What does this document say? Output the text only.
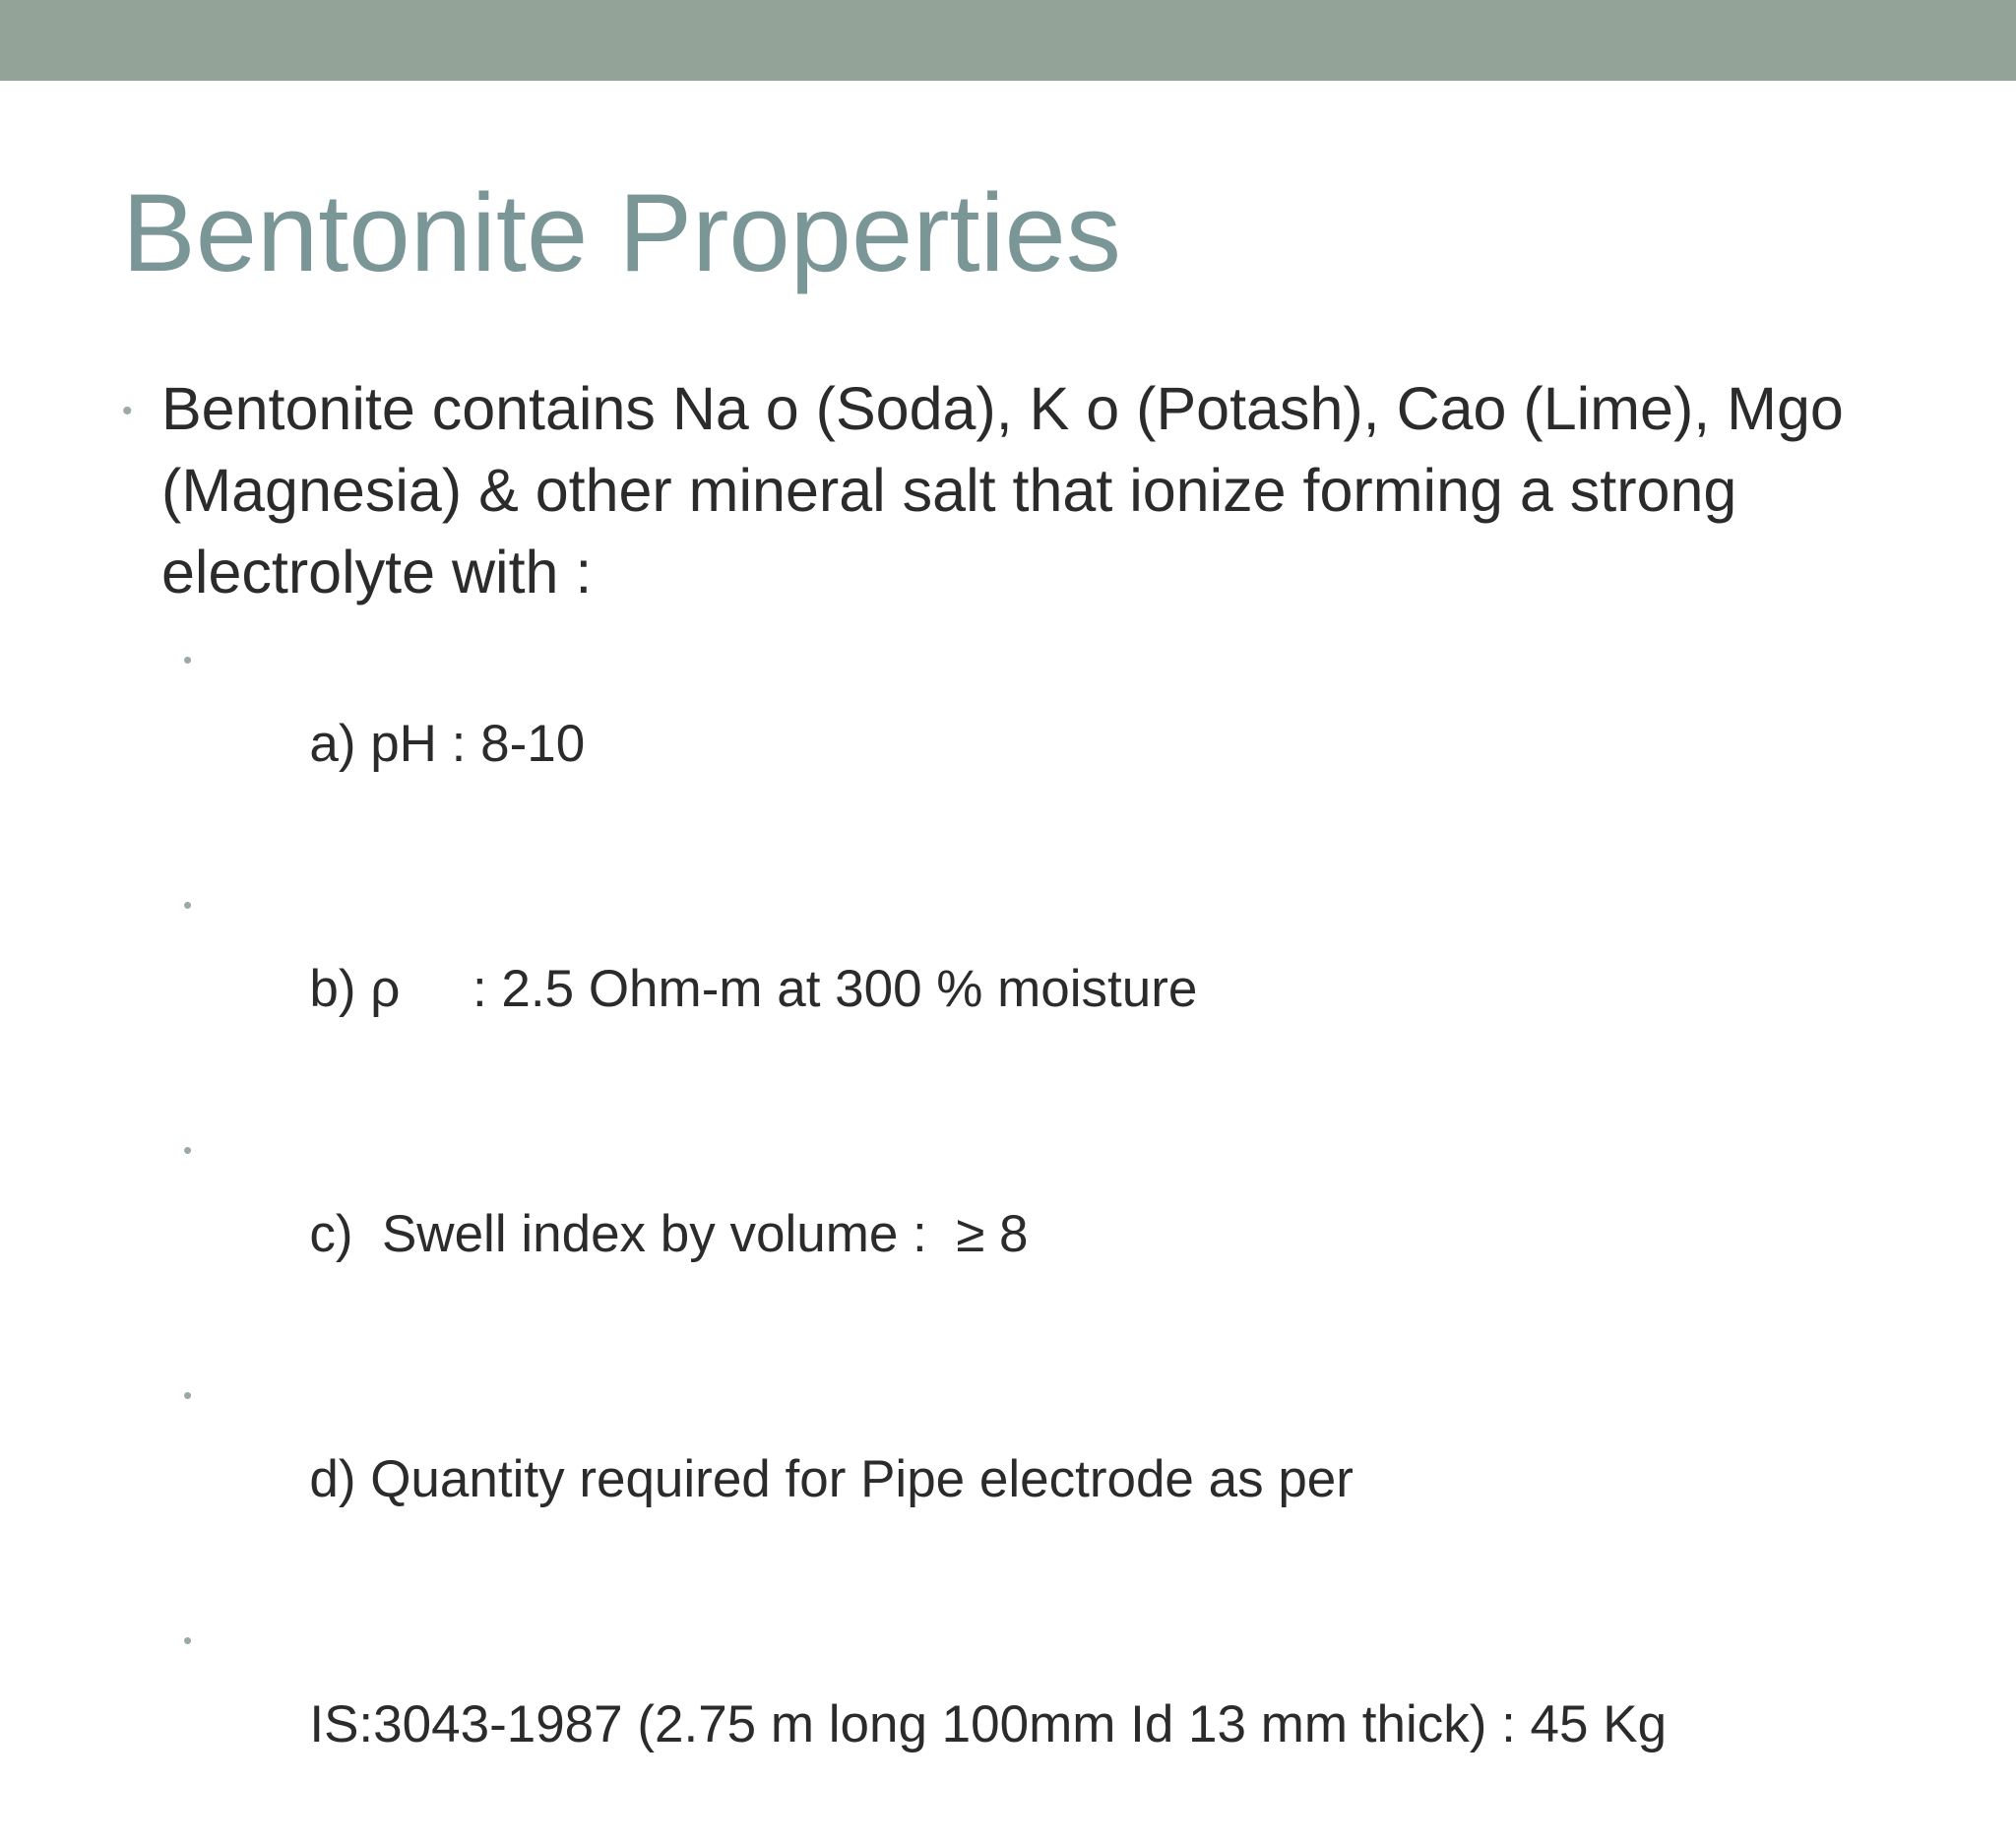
Bentonite Properties
• Bentonite contains Na o (Soda), K o (Potash), Cao (Lime), Mgo (Magnesia) & other mineral salt that ionize forming a strong electrolyte with :

•
a) pH : 8-10

•
b) ρ     : 2.5 Ohm-m at 300 % moisture

•
c)  Swell index by volume :  ≥ 8

•
d) Quantity required for Pipe electrode as per

•
IS:3043-1987 (2.75 m long 100mm Id 13 mm thick) : 45 Kg
